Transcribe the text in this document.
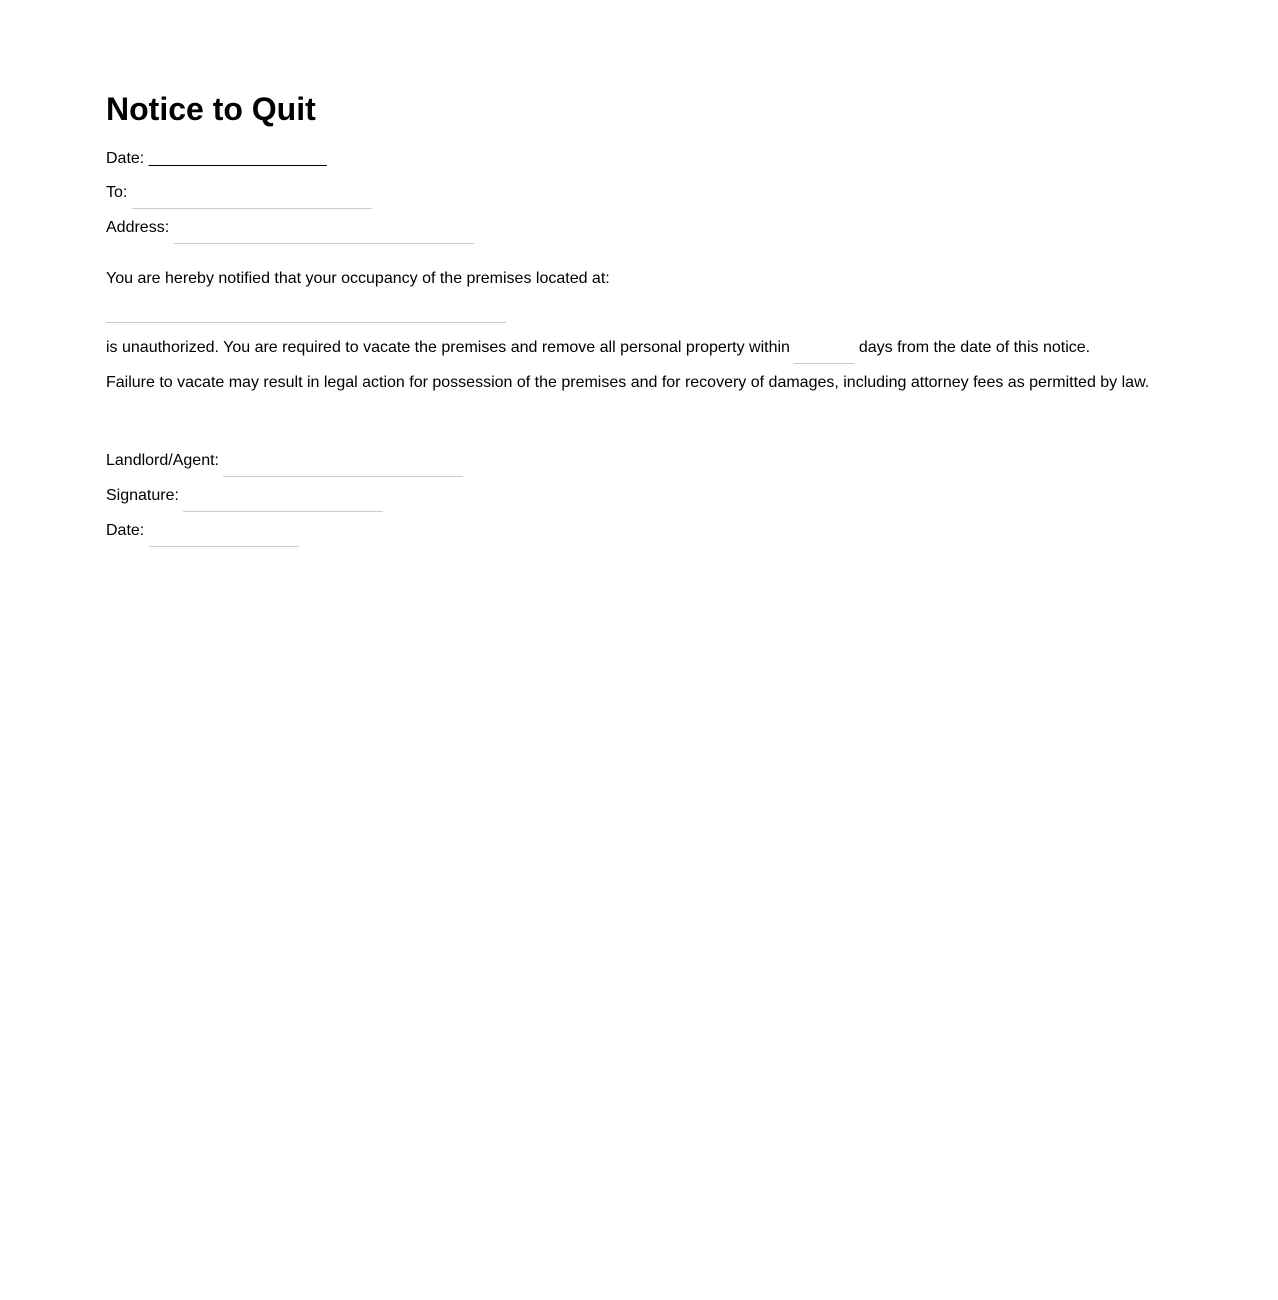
Notice to Quit
Date: ____________________
To:
Address:
You are hereby notified that your occupancy of the premises located at:
is unauthorized. You are required to vacate the premises and remove all personal property within	days from the date of this notice.
Failure to vacate may result in legal action for possession of the premises and for recovery of damages, including attorney fees as permitted by law.
Landlord/Agent:
Signature:
Date:
